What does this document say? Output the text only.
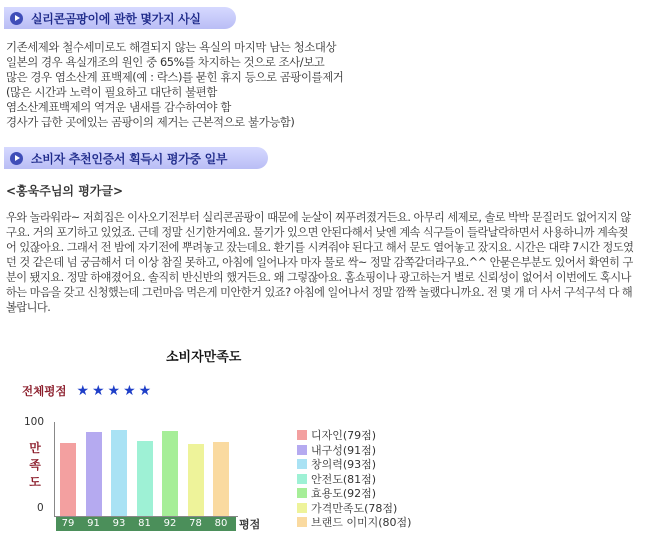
실리콘곰팡이에 관한 몇가지 사실
기존세제와 철수세미로도 해결되지 않는 욕실의 마지막 남는 청소대상
일본의 경우 욕실개조의 원인 중 65%를 차지하는 것으로 조사/보고
많은 경우 염소산계 표백제(예 : 락스)를 묻힌 휴지 등으로 곰팡이를제거
(많은 시간과 노력이 필요하고 대단히 불편함
염소산계표백제의 역겨운 냄새를 감수하여야 함
경사가 급한 곳에있는 곰팡이의 제거는 근본적으로 불가능함)
소비자 추천인증서 획득시 평가중 일부
<홍욱주님의 평가글>
우와 놀라워라~ 저희집은 이사오기전부터 실리콘곰팡이 때문에 눈살이 찌푸려졌거든요. 아무리 세제로, 솔로 박박 문질러도 없어지지 않구요. 거의 포기하고 있었죠. 근데 정말 신기한거예요. 물기가 있으면 안된다해서 낮엔 계속 식구들이 들락날락하면서 사용하니까 계속젖어 있잖아요. 그래서 전 밤에 자기전에 뿌려놓고 잤는데요. 환기를 시켜줘야 된다고 해서 문도 열어놓고 잤지요. 시간은 대략 7시간 정도였던 것 같은데 넘 궁금해서 더 이상 참질 못하고, 아침에 일어나자 마자 물로 싹~ 정말 감쪽같더라구요.^^ 안묻은부분도 있어서 확연히 구분이 됐지요. 정말 하얘졌어요. 솔직히 반신반의 했거든요. 왜 그렇잖아요. 홈쇼핑이나 광고하는거 별로 신뢰성이 없어서 이번에도 혹시나 하는 마음을 갖고 신청했는데 그런마음 먹은게 미안한거 있죠? 아침에 일어나서 정말 깜짝 놀랬다니까요. 전 몇 개 더 사서 구석구석 다 해볼랍니다.
소비자만족도
전체평점 ★★★★★
100
0
만
족
도
79	91	93	81	92	78	80	평점
디자인(79점)
내구성(91점)
창의력(93점)
안전도(81점)
효용도(92점)
가격만족도(78점)
브랜드 이미지(80점)
